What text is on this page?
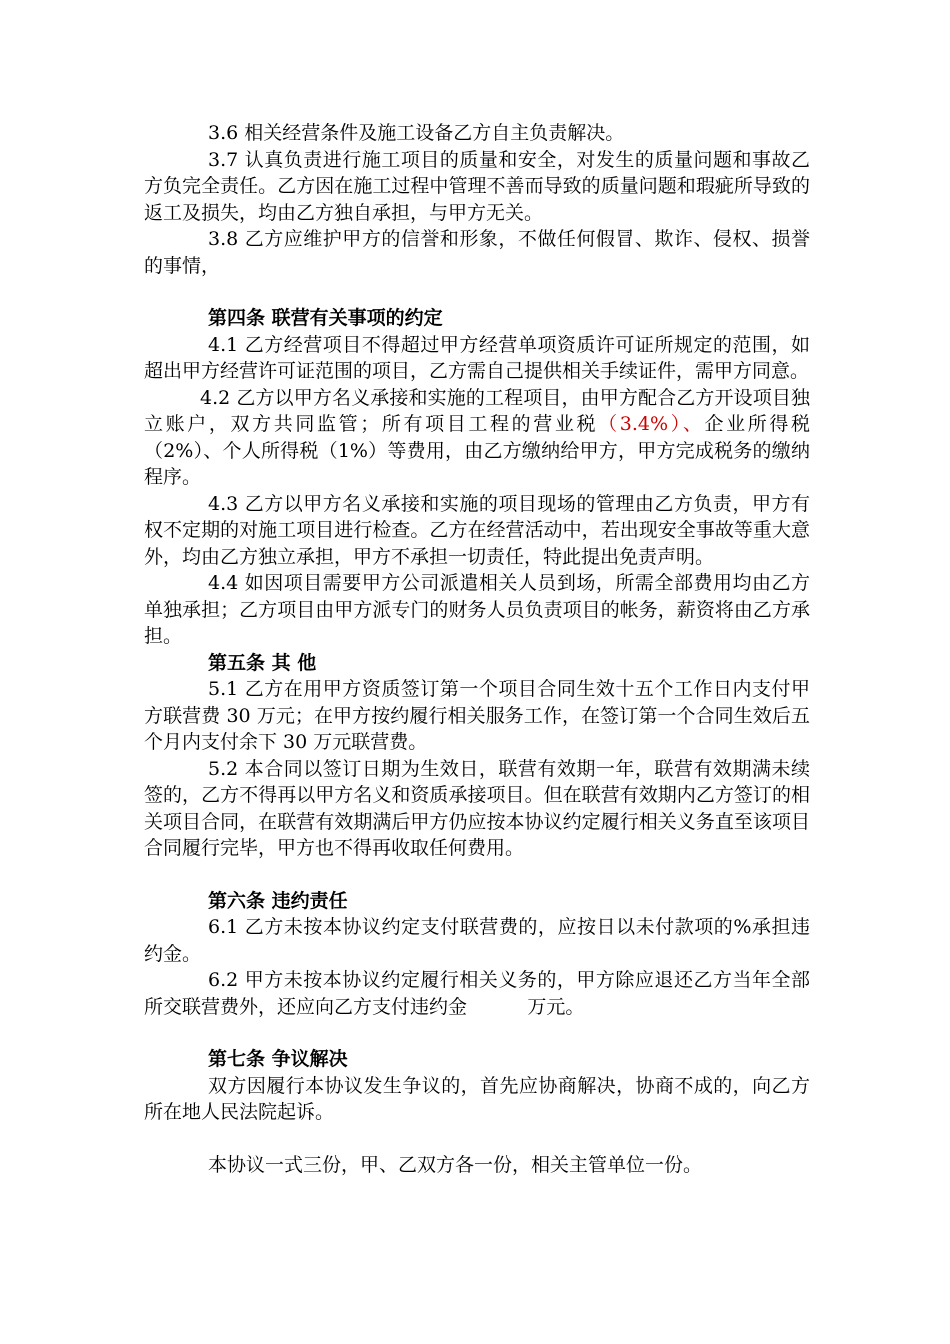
3.6 相关经营条件及施工设备乙方自主负责解决。

3.7 认真负责进行施工项目的质量和安全，对发生的质量问题和事故乙方负完全责任。乙方因在施工过程中管理不善而导致的质量问题和瑕疵所导致的返工及损失，均由乙方独自承担，与甲方无关。

3.8 乙方应维护甲方的信誉和形象，不做任何假冒、欺诈、侵权、损誉的事情，

第四条 联营有关事项的约定

4.1 乙方经营项目不得超过甲方经营单项资质许可证所规定的范围，如超出甲方经营许可证范围的项目，乙方需自己提供相关手续证件，需甲方同意。

4.2 乙方以甲方名义承接和实施的工程项目，由甲方配合乙方开设项目独立账户，双方共同监管；所有项目工程的营业税（3.4%）、企业所得税（2%）、个人所得税（1%）等费用，由乙方缴纳给甲方，甲方完成税务的缴纳程序。

4.3 乙方以甲方名义承接和实施的项目现场的管理由乙方负责，甲方有权不定期的对施工项目进行检查。乙方在经营活动中，若出现安全事故等重大意外，均由乙方独立承担，甲方不承担一切责任，特此提出免责声明。

4.4 如因项目需要甲方公司派遣相关人员到场，所需全部费用均由乙方单独承担；乙方项目由甲方派专门的财务人员负责项目的帐务，薪资将由乙方承担。

第五条 其 他

5.1 乙方在用甲方资质签订第一个项目合同生效十五个工作日内支付甲方联营费 30 万元；在甲方按约履行相关服务工作，在签订第一个合同生效后五个月内支付余下 30 万元联营费。

5.2 本合同以签订日期为生效日，联营有效期一年，联营有效期满未续签的，乙方不得再以甲方名义和资质承接项目。但在联营有效期内乙方签订的相关项目合同，在联营有效期满后甲方仍应按本协议约定履行相关义务直至该项目合同履行完毕，甲方也不得再收取任何费用。

第六条 违约责任

6.1 乙方未按本协议约定支付联营费的，应按日以未付款项的%承担违约金。

6.2 甲方未按本协议约定履行相关义务的，甲方除应退还乙方当年全部所交联营费外，还应向乙方支付违约金          万元。

第七条 争议解决

双方因履行本协议发生争议的，首先应协商解决，协商不成的，向乙方所在地人民法院起诉。

本协议一式三份，甲、乙双方各一份，相关主管单位一份。
